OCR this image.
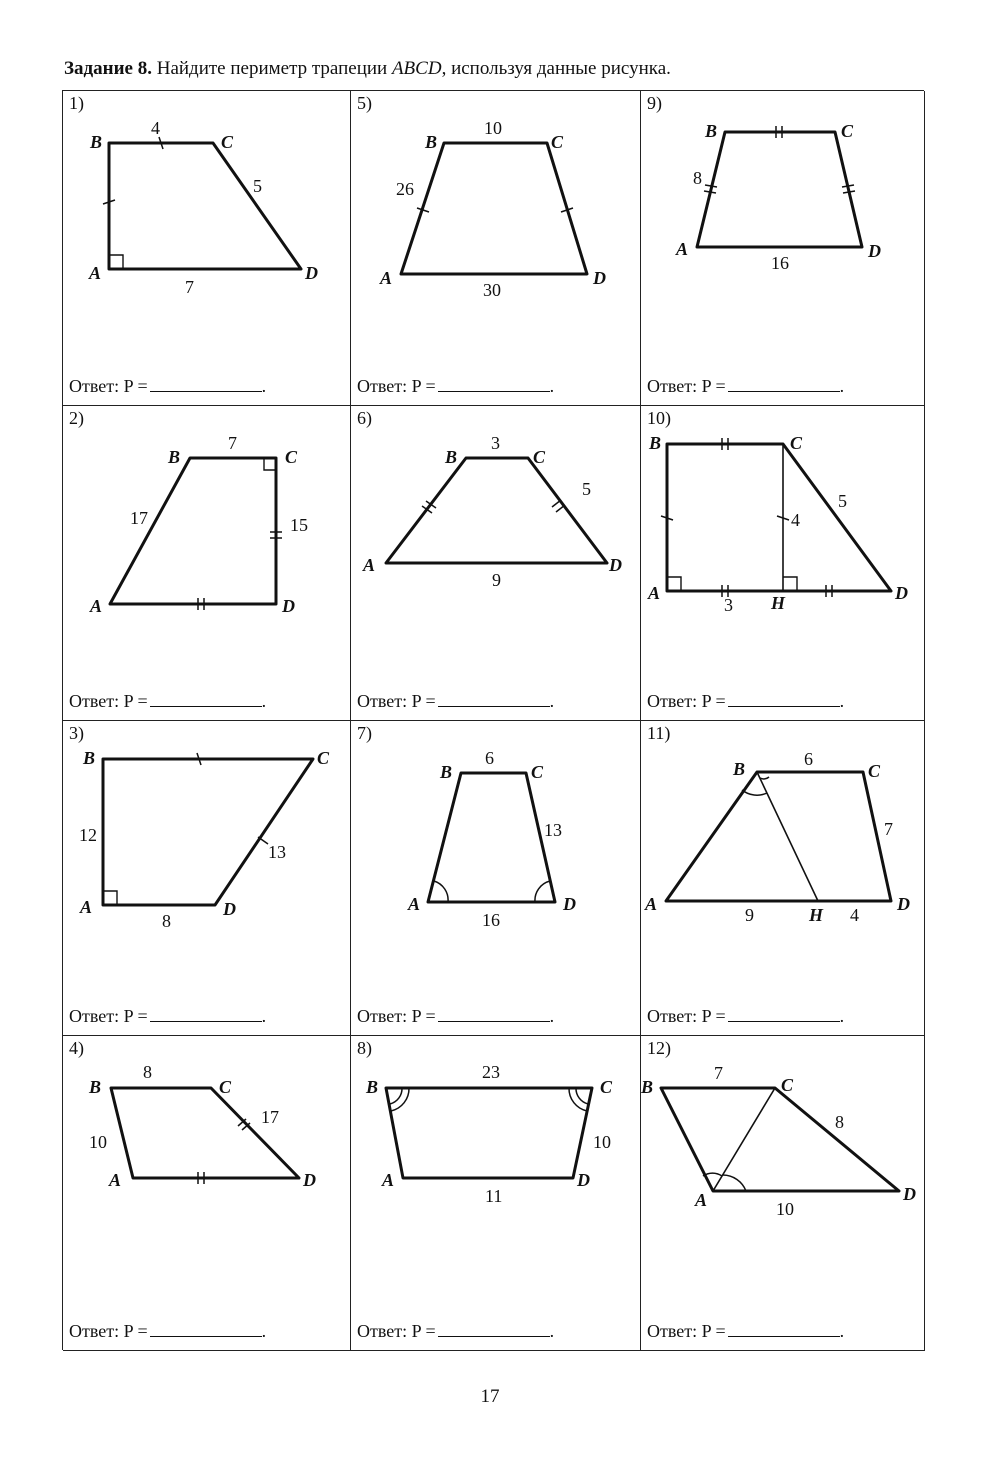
Задание 8. Найдите периметр трапеции ABCD, используя данные рисунка.
1)
B	C
A	D
4
5
7
Ответ: P =	.
5)
B	C
A	D
10
26
30
Ответ: P =	.
9)
B	C
A	D
8
16
Ответ: P =	.
2)
B	C
A	D
7
17	15
Ответ: P =	.
6)
B	C
A	D
3
5
9
Ответ: P =	.
10)
B	C
A	D
H
5
4
3
Ответ: P =	.
3)
B	C
A	D
12
13
8
Ответ: P =	.
7)
B	C
A	D
6
13
16
Ответ: P =	.
11)
B	C
A	D
H
6
7
9	4
Ответ: P =	.
4)
B	C
A	D
8
17
10
Ответ: P =	.
8)
B	C
A	D
23
10
11
Ответ: P =	.
12)
B	C
A	D
7
8
10
Ответ: P =	.
17
